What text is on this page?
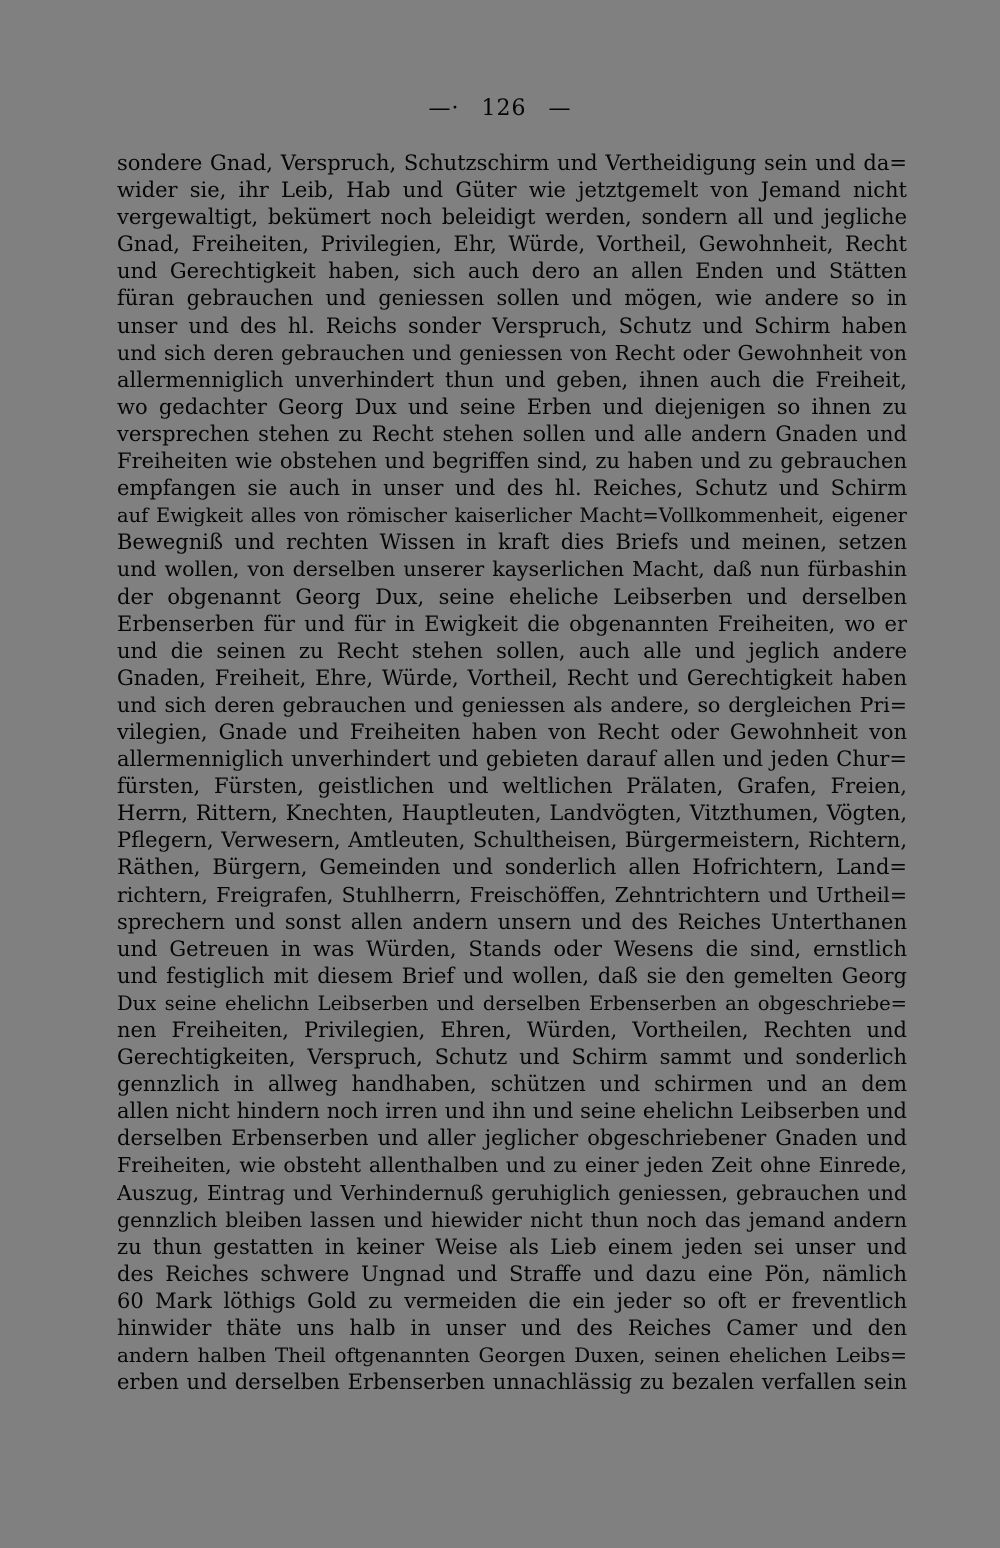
—· 126 —
sondere Gnad, Verspruch, Schutzschirm und Vertheidigung sein und da=
wider sie, ihr Leib, Hab und Güter wie jetztgemelt von Jemand nicht
vergewaltigt, bekümert noch beleidigt werden, sondern all und jegliche
Gnad, Freiheiten, Privilegien, Ehr, Würde, Vortheil, Gewohnheit, Recht
und Gerechtigkeit haben, sich auch dero an allen Enden und Stätten
füran gebrauchen und geniessen sollen und mögen, wie andere so in
unser und des hl. Reichs sonder Verspruch, Schutz und Schirm haben
und sich deren gebrauchen und geniessen von Recht oder Gewohnheit von
allermenniglich unverhindert thun und geben, ihnen auch die Freiheit,
wo gedachter Georg Dux und seine Erben und diejenigen so ihnen zu
versprechen stehen zu Recht stehen sollen und alle andern Gnaden und
Freiheiten wie obstehen und begriffen sind, zu haben und zu gebrauchen
empfangen sie auch in unser und des hl. Reiches, Schutz und Schirm
auf Ewigkeit alles von römischer kaiserlicher Macht=Vollkommenheit, eigener
Bewegniß und rechten Wissen in kraft dies Briefs und meinen, setzen
und wollen, von derselben unserer kayserlichen Macht, daß nun fürbashin
der obgenannt Georg Dux, seine eheliche Leibserben und derselben
Erbenserben für und für in Ewigkeit die obgenannten Freiheiten, wo er
und die seinen zu Recht stehen sollen, auch alle und jeglich andere
Gnaden, Freiheit, Ehre, Würde, Vortheil, Recht und Gerechtigkeit haben
und sich deren gebrauchen und geniessen als andere, so dergleichen Pri=
vilegien, Gnade und Freiheiten haben von Recht oder Gewohnheit von
allermenniglich unverhindert und gebieten darauf allen und jeden Chur=
fürsten, Fürsten, geistlichen und weltlichen Prälaten, Grafen, Freien,
Herrn, Rittern, Knechten, Hauptleuten, Landvögten, Vitzthumen, Vögten,
Pflegern, Verwesern, Amtleuten, Schultheisen, Bürgermeistern, Richtern,
Räthen, Bürgern, Gemeinden und sonderlich allen Hofrichtern, Land=
richtern, Freigrafen, Stuhlherrn, Freischöffen, Zehntrichtern und Urtheil=
sprechern und sonst allen andern unsern und des Reiches Unterthanen
und Getreuen in was Würden, Stands oder Wesens die sind, ernstlich
und festiglich mit diesem Brief und wollen, daß sie den gemelten Georg
Dux seine ehelichn Leibserben und derselben Erbenserben an obgeschriebe=
nen Freiheiten, Privilegien, Ehren, Würden, Vortheilen, Rechten und
Gerechtigkeiten, Verspruch, Schutz und Schirm sammt und sonderlich
gennzlich in allweg handhaben, schützen und schirmen und an dem
allen nicht hindern noch irren und ihn und seine ehelichn Leibserben und
derselben Erbenserben und aller jeglicher obgeschriebener Gnaden und
Freiheiten, wie obsteht allenthalben und zu einer jeden Zeit ohne Einrede,
Auszug, Eintrag und Verhindernuß geruhiglich geniessen, gebrauchen und
gennzlich bleiben lassen und hiewider nicht thun noch das jemand andern
zu thun gestatten in keiner Weise als Lieb einem jeden sei unser und
des Reiches schwere Ungnad und Straffe und dazu eine Pön, nämlich
60 Mark löthigs Gold zu vermeiden die ein jeder so oft er freventlich
hinwider thäte uns halb in unser und des Reiches Camer und den
andern halben Theil oftgenannten Georgen Duxen, seinen ehelichen Leibs=
erben und derselben Erbenserben unnachlässig zu bezalen verfallen sein
